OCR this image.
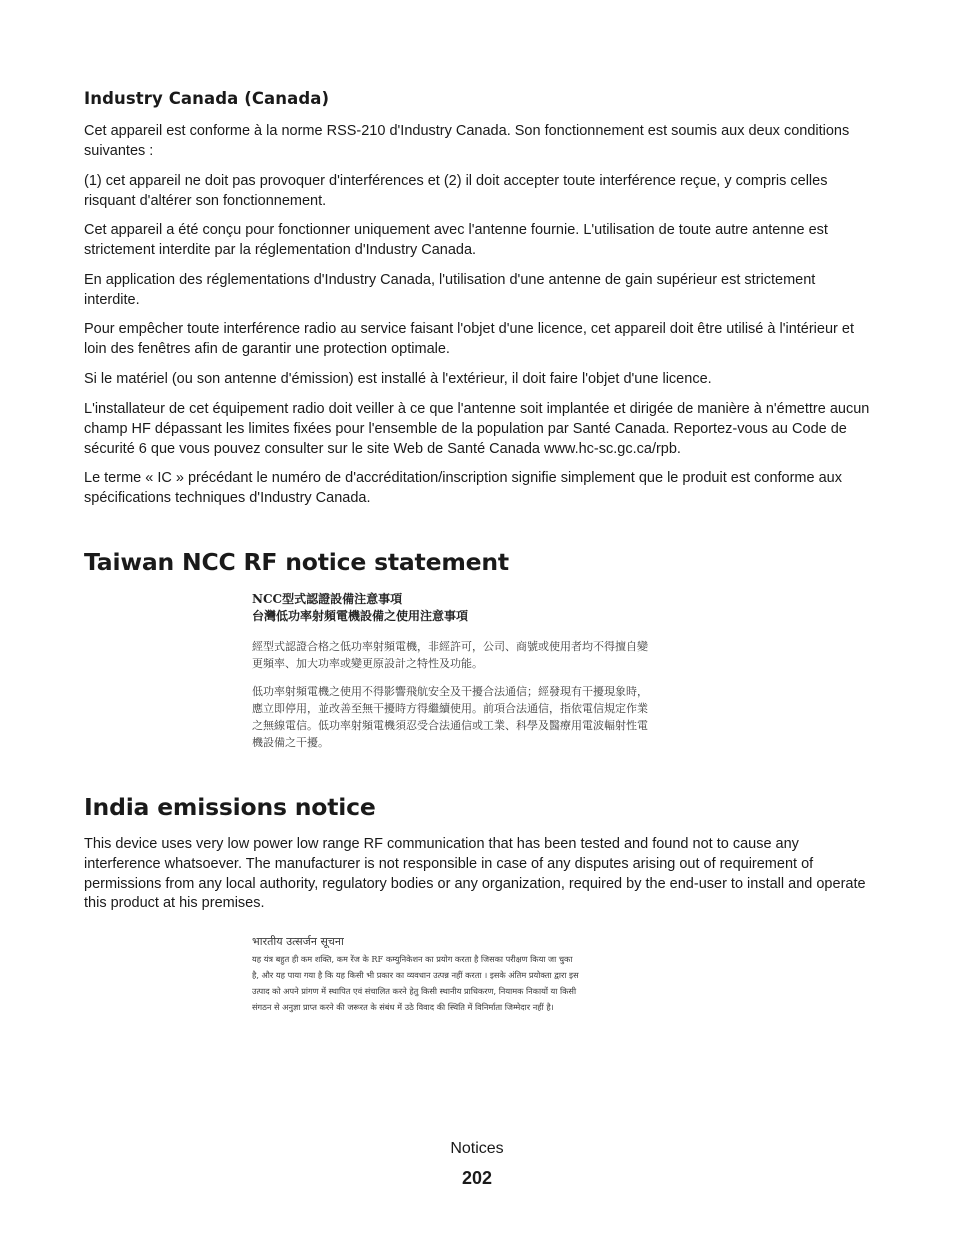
Industry Canada (Canada)

Cet appareil est conforme à la norme RSS-210 d'Industry Canada. Son fonctionnement est soumis aux deux conditions suivantes :

(1) cet appareil ne doit pas provoquer d'interférences et (2) il doit accepter toute interférence reçue, y compris celles risquant d'altérer son fonctionnement.

Cet appareil a été conçu pour fonctionner uniquement avec l'antenne fournie. L'utilisation de toute autre antenne est strictement interdite par la réglementation d'Industry Canada.

En application des réglementations d'Industry Canada, l'utilisation d'une antenne de gain supérieur est strictement interdite.

Pour empêcher toute interférence radio au service faisant l'objet d'une licence, cet appareil doit être utilisé à l'intérieur et loin des fenêtres afin de garantir une protection optimale.

Si le matériel (ou son antenne d'émission) est installé à l'extérieur, il doit faire l'objet d'une licence.

L'installateur de cet équipement radio doit veiller à ce que l'antenne soit implantée et dirigée de manière à n'émettre aucun champ HF dépassant les limites fixées pour l'ensemble de la population par Santé Canada. Reportez-vous au Code de sécurité 6 que vous pouvez consulter sur le site Web de Santé Canada www.hc-sc.gc.ca/rpb.

Le terme « IC » précédant le numéro de d'accréditation/inscription signifie simplement que le produit est conforme aux spécifications techniques d'Industry Canada.

Taiwan NCC RF notice statement
India emissions notice

This device uses very low power low range RF communication that has been tested and found not to cause any interference whatsoever. The manufacturer is not responsible in case of any disputes arising out of requirement of permissions from any local authority, regulatory bodies or any organization, required by the end-user to install and operate this product at his premises.

NCC型式認證設備注意事項
台灣低功率射頻電機設備之使用注意事項
經型式認證合格之低功率射頻電機，非經許可，公司、商號或使用者均不得擅自變
更頻率、加大功率或變更原設計之特性及功能。
低功率射頻電機之使用不得影響飛航安全及干擾合法通信；經發現有干擾現象時，
應立即停用，並改善至無干擾時方得繼續使用。前項合法通信，指依電信規定作業
之無線電信。低功率射頻電機須忍受合法通信或工業、科學及醫療用電波輻射性電
機設備之干擾。
भारतीय उत्सर्जन सूचना
यह यंत्र बहुत ही कम शक्ति, कम रेंज के RF कम्युनिकेशन का प्रयोग करता है जिसका परीक्षण किया जा चुका
है, और यह पाया गया है कि यह किसी भी प्रकार का व्यवधान उत्पन्न नहीं करता । इसके अंतिम प्रयोक्ता द्वारा इस
उत्पाद को अपने प्रांगण में स्थापित एवं संचालित करने हेतु किसी स्थानीय प्राधिकरण, नियामक निकायों या किसी
संगठन से अनुज्ञा प्राप्त करने की जरूरत के संबंध में उठे विवाद की स्थिति में विनिर्माता जिम्मेदार नहीं है।
Notices
202
